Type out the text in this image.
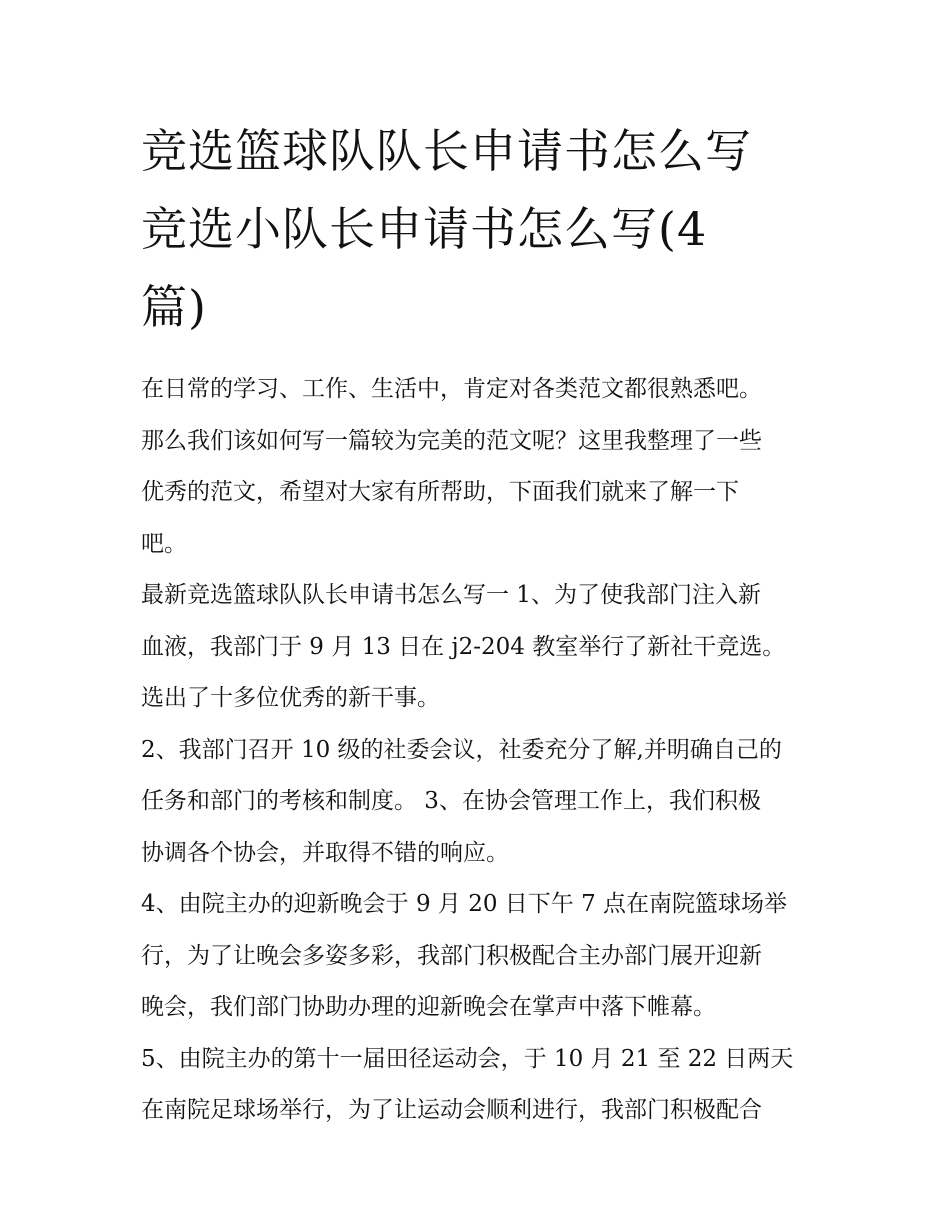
竞选篮球队队长申请书怎么写
竞选小队长申请书怎么写(4
篇)
在日常的学习、工作、生活中，肯定对各类范文都很熟悉吧。
那么我们该如何写一篇较为完美的范文呢？这里我整理了一些
优秀的范文，希望对大家有所帮助，下面我们就来了解一下
吧。
最新竞选篮球队队长申请书怎么写一 1、为了使我部门注入新
血液，我部门于 9 月 13 日在 j2-204 教室举行了新社干竞选。
选出了十多位优秀的新干事。
2、我部门召开 10 级的社委会议，社委充分了解,并明确自己的
任务和部门的考核和制度。 3、在协会管理工作上，我们积极
协调各个协会，并取得不错的响应。
4、由院主办的迎新晚会于 9 月 20 日下午 7 点在南院篮球场举
行，为了让晚会多姿多彩，我部门积极配合主办部门展开迎新
晚会，我们部门协助办理的迎新晚会在掌声中落下帷幕。
5、由院主办的第十一届田径运动会，于 10 月 21 至 22 日两天
在南院足球场举行，为了让运动会顺利进行，我部门积极配合
